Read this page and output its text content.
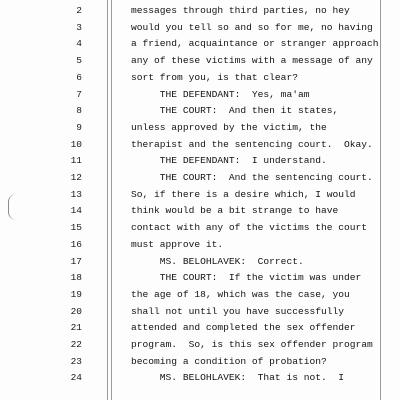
2	messages through third parties, no hey
3	would you tell so and so for me, no having
4	a friend, acquaintance or stranger approach
5	any of these victims with a message of any
6	sort from you, is that clear?
7	THE DEFENDANT:  Yes, ma'am
8	THE COURT:  And then it states,
9	unless approved by the victim, the
10	therapist and the sentencing court.  Okay.
11	THE DEFENDANT:  I understand.
12	THE COURT:  And the sentencing court.
13	So, if there is a desire which, I would
14	think would be a bit strange to have
15	contact with any of the victims the court
16	must approve it.
17	MS. BELOHLAVEK:  Correct.
18	THE COURT:  If the victim was under
19	the age of 18, which was the case, you
20	shall not until you have successfully
21	attended and completed the sex offender
22	program.  So, is this sex offender program
23	becoming a condition of probation?
24	MS. BELOHLAVEK:  That is not.  I
